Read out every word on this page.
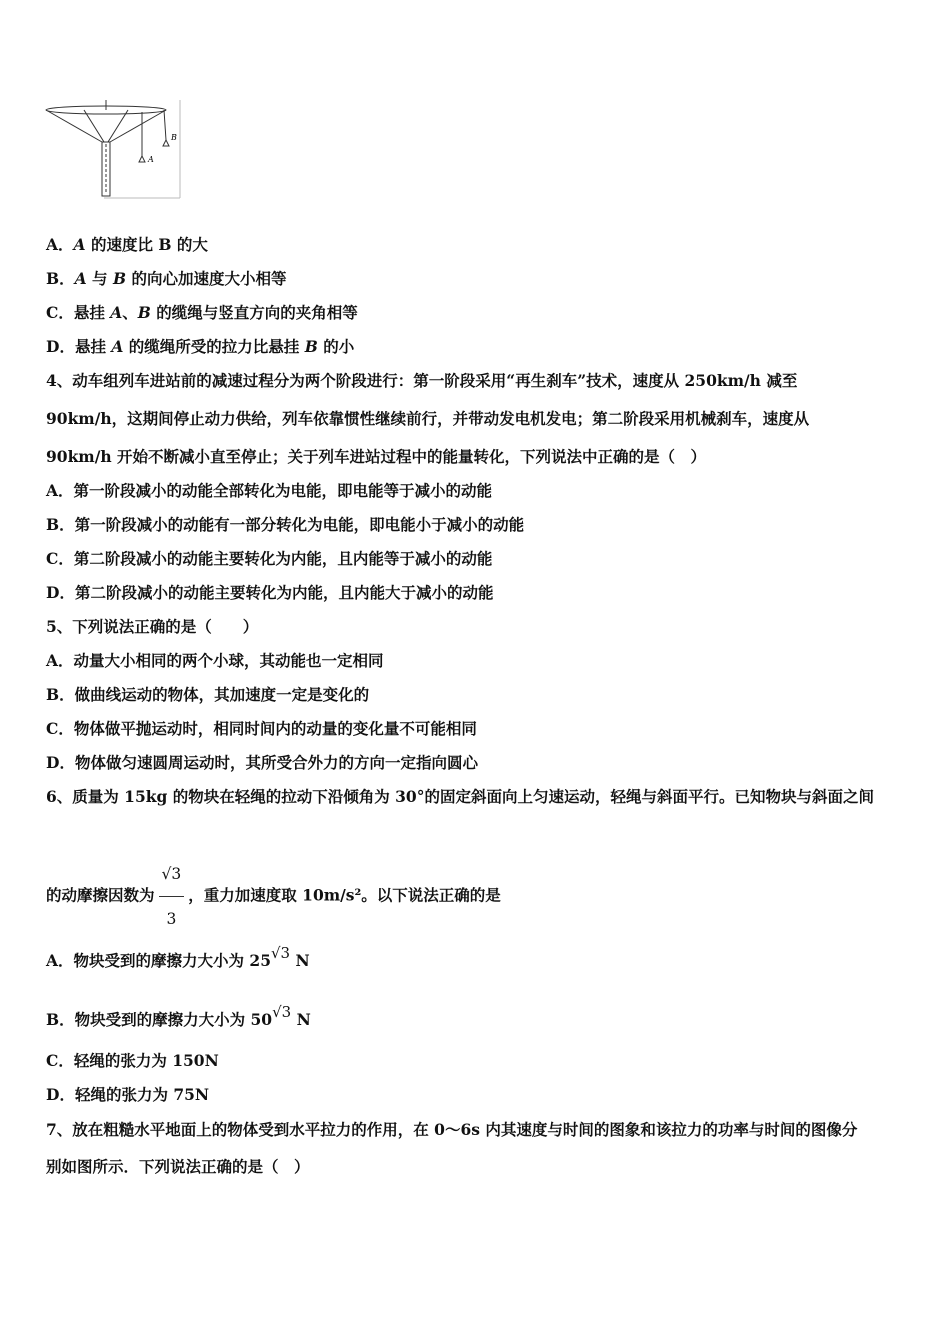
A
B
A．A 的速度比 B 的大
B．A 与 B 的向心加速度大小相等
C．悬挂 A、B 的缆绳与竖直方向的夹角相等
D．悬挂 A 的缆绳所受的拉力比悬挂 B 的小
4、动车组列车进站前的减速过程分为两个阶段进行：第一阶段采用“再生刹车”技术，速度从 250km/h 减至
90km/h，这期间停止动力供给，列车依靠惯性继续前行，并带动发电机发电；第二阶段采用机械刹车，速度从
90km/h 开始不断减小直至停止；关于列车进站过程中的能量转化，下列说法中正确的是（　）
A．第一阶段减小的动能全部转化为电能，即电能等于减小的动能
B．第一阶段减小的动能有一部分转化为电能，即电能小于减小的动能
C．第二阶段减小的动能主要转化为内能，且内能等于减小的动能
D．第二阶段减小的动能主要转化为内能，且内能大于减小的动能
5、下列说法正确的是（　　）
A．动量大小相同的两个小球，其动能也一定相同
B．做曲线运动的物体，其加速度一定是变化的
C．物体做平抛运动时，相同时间内的动量的变化量不可能相同
D．物体做匀速圆周运动时，其所受合外力的方向一定指向圆心
6、质量为 15kg 的物块在轻绳的拉动下沿倾角为 30°的固定斜面向上匀速运动，轻绳与斜面平行。已知物块与斜面之间
的动摩擦因数为 $\frac{√3}{3}$ ，重力加速度取 10m/s²。以下说法正确的是
A．物块受到的摩擦力大小为 25√3 N
B．物块受到的摩擦力大小为 50√3 N
C．轻绳的张力为 150N
D．轻绳的张力为 75N
7、放在粗糙水平地面上的物体受到水平拉力的作用，在 0～6s 内其速度与时间的图象和该拉力的功率与时间的图像分
别如图所示．下列说法正确的是（　）
